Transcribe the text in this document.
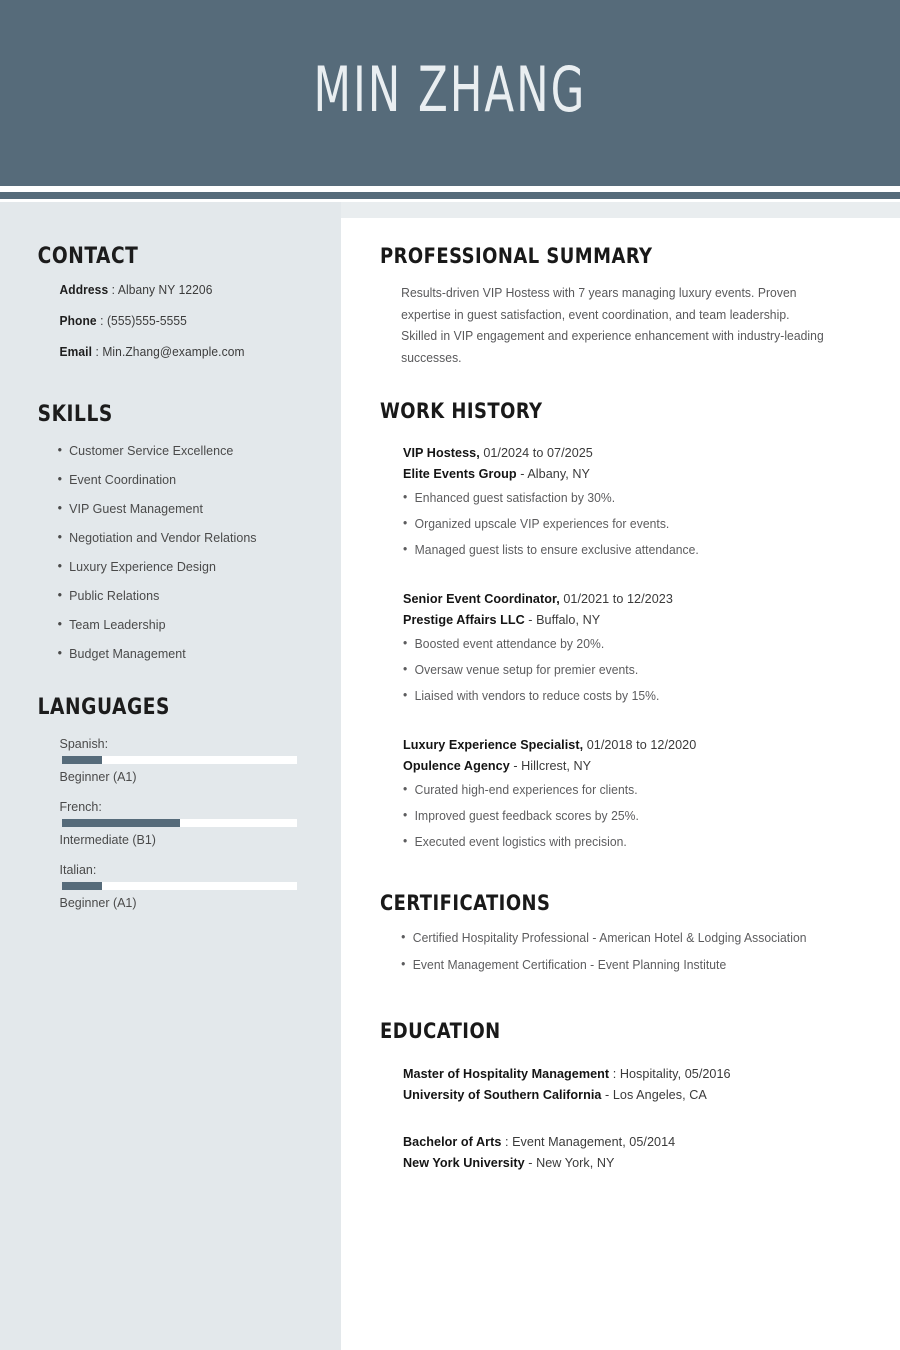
MIN ZHANG
CONTACT
Address : Albany NY 12206
Phone : (555)555-5555
Email : Min.Zhang@example.com
SKILLS
• Customer Service Excellence
• Event Coordination
• VIP Guest Management
• Negotiation and Vendor Relations
• Luxury Experience Design
• Public Relations
• Team Leadership
• Budget Management
LANGUAGES
Spanish:
Beginner (A1)
French:
Intermediate (B1)
Italian:
Beginner (A1)
PROFESSIONAL SUMMARY
Results-driven VIP Hostess with 7 years managing luxury events. Proven expertise in guest satisfaction, event coordination, and team leadership. Skilled in VIP engagement and experience enhancement with industry-leading successes.
WORK HISTORY
VIP Hostess, 01/2024 to 07/2025
Elite Events Group - Albany, NY
• Enhanced guest satisfaction by 30%.
• Organized upscale VIP experiences for events.
• Managed guest lists to ensure exclusive attendance.
Senior Event Coordinator, 01/2021 to 12/2023
Prestige Affairs LLC - Buffalo, NY
• Boosted event attendance by 20%.
• Oversaw venue setup for premier events.
• Liaised with vendors to reduce costs by 15%.
Luxury Experience Specialist, 01/2018 to 12/2020
Opulence Agency - Hillcrest, NY
• Curated high-end experiences for clients.
• Improved guest feedback scores by 25%.
• Executed event logistics with precision.
CERTIFICATIONS
• Certified Hospitality Professional - American Hotel & Lodging Association
• Event Management Certification - Event Planning Institute
EDUCATION
Master of Hospitality Management : Hospitality, 05/2016
University of Southern California - Los Angeles, CA
Bachelor of Arts : Event Management, 05/2014
New York University - New York, NY
